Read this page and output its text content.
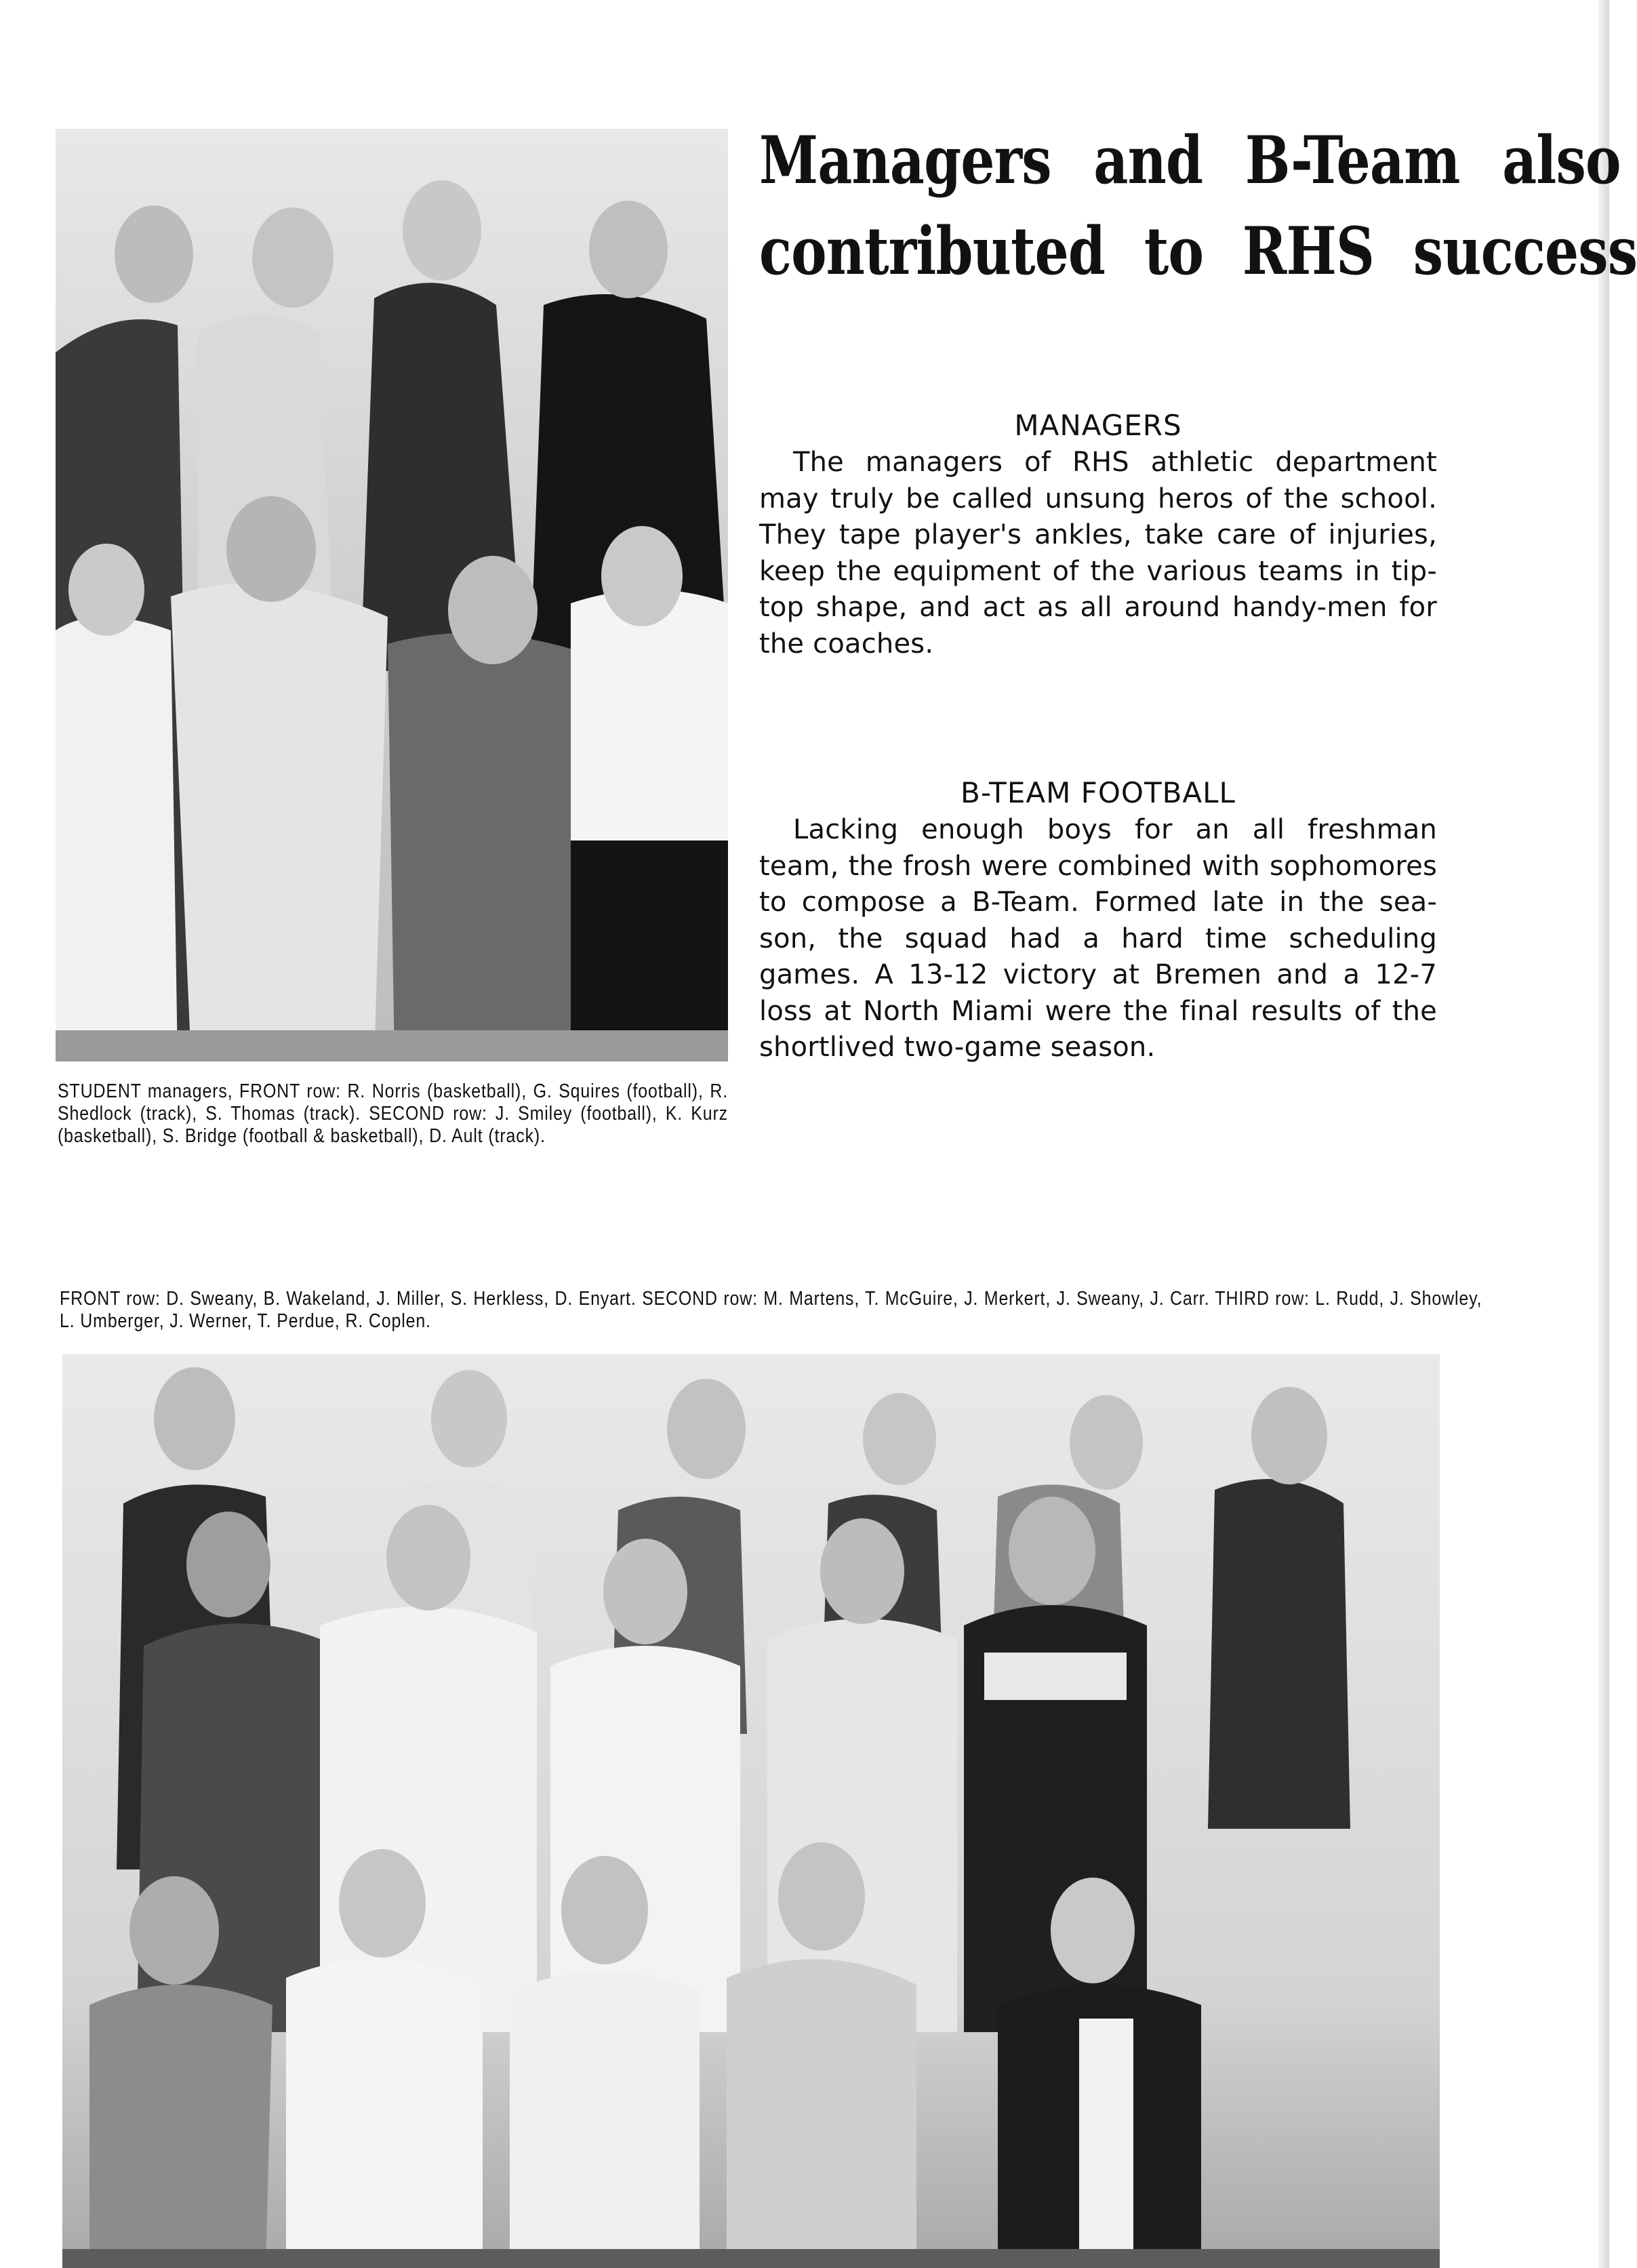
Managers and B-Team also
contributed to RHS success
MANAGERS

The managers of RHS athletic department may truly be called unsung heros of the school. They tape player's ankles, take care of injuries, keep the equipment of the various teams in tip-top shape, and act as all around handy-men for the coaches.

B-TEAM FOOTBALL

Lacking enough boys for an all freshman team, the frosh were combined with sophomores to compose a B-Team. Formed late in the sea-son, the squad had a hard time scheduling games. A 13-12 victory at Bremen and a 12-7 loss at North Miami were the final results of the shortlived two-game season.

STUDENT managers, FRONT row: R. Norris (basketball), G. Squires (football), R. Shedlock (track), S. Thomas (track). SECOND row: J. Smiley (football), K. Kurz (basketball), S. Bridge (football & basketball), D. Ault (track).

FRONT row: D. Sweany, B. Wakeland, J. Miller, S. Herkless, D. Enyart. SECOND row: M. Martens, T. McGuire, J. Merkert, J. Sweany, J. Carr. THIRD row: L. Rudd, J. Showley, L. Umberger, J. Werner, T. Perdue, R. Coplen.
